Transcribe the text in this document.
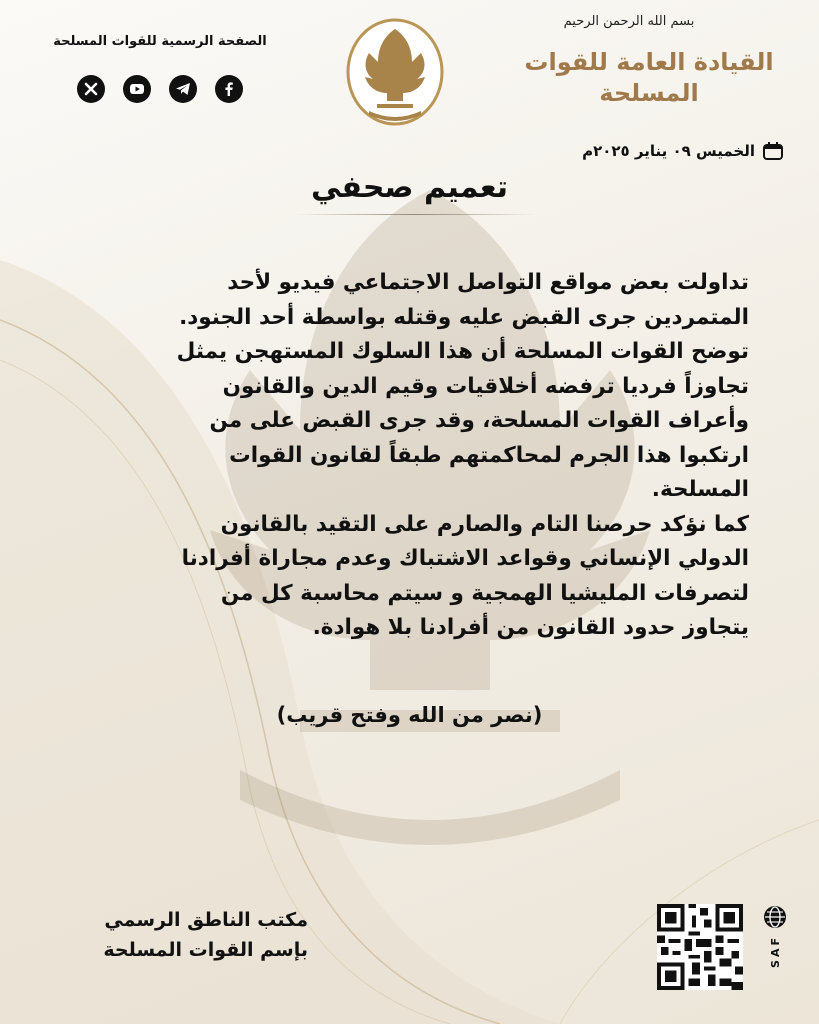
بسم الله الرحمن الرحيم
القيادة العامة للقوات
المسلحة
الخميس ٠٩ يناير ٢٠٢٥م
الصفحة الرسمية للقوات المسلحة
تعميم صحفي

تداولت بعض مواقع التواصل الاجتماعي فيديو لأحد

المتمردين جرى القبض عليه وقتله بواسطة أحد الجنود.

توضح القوات المسلحة أن هذا السلوك المستهجن يمثل

تجاوزاً فرديا ترفضه أخلاقيات وقيم الدين والقانون

وأعراف القوات المسلحة، وقد جرى القبض على من

ارتكبوا هذا الجرم لمحاكمتهم طبقاً لقانون القوات

المسلحة.

كما نؤكد حرصنا التام والصارم على التقيد بالقانون

الدولي الإنساني وقواعد الاشتباك وعدم مجاراة أفرادنا

لتصرفات المليشيا الهمجية و سيتم محاسبة كل من

يتجاوز حدود القانون من أفرادنا بلا هوادة.

(نصر من الله وفتح قريب)
مكتب الناطق الرسمي
بإسم القوات المسلحة	SAF
